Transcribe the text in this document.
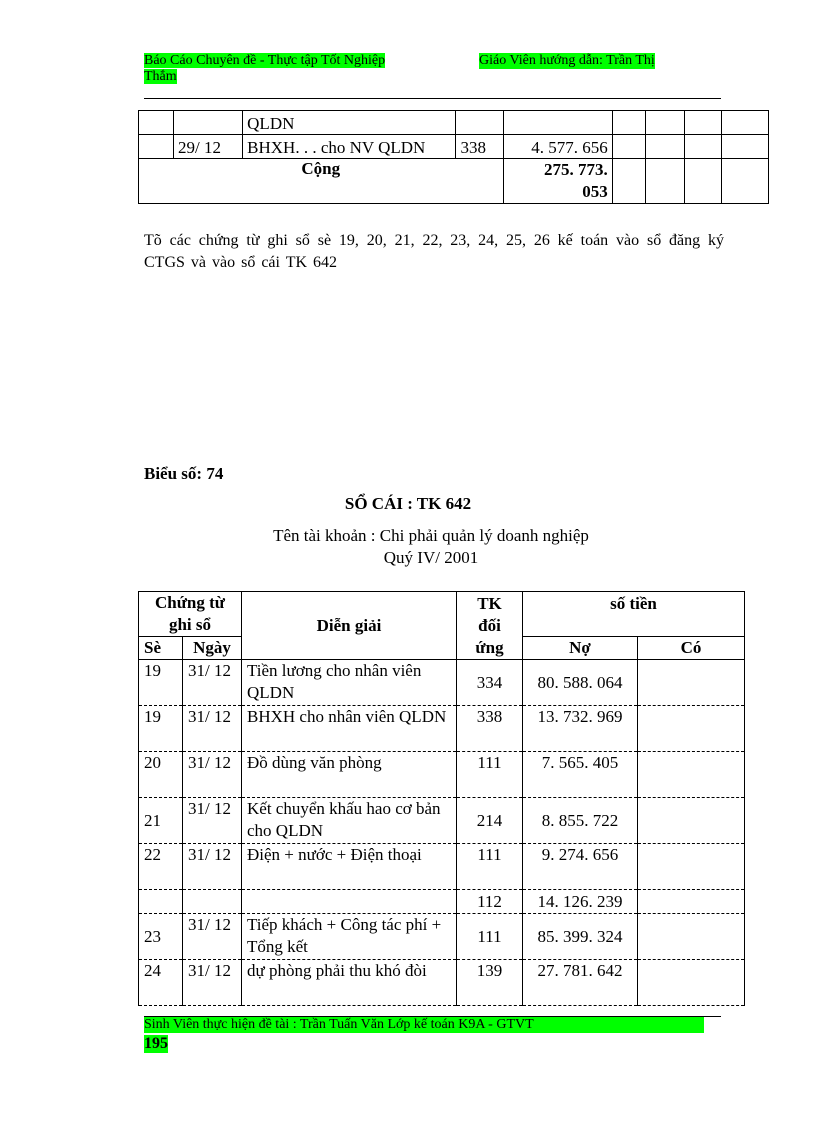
Báo Cáo Chuyên đề - Thực tập Tốt Nghiệp	Giáo Viên hướng dẫn: Trần Thị

Thắm
		QLDN						
	29/ 12	BHXH. . . cho NV QLDN	338	4. 577. 656				
Cộng				275. 773.
053				
Tõ các chứng từ ghi sổ sè 19, 20, 21, 22, 23, 24, 25, 26 kế toán vào sổ đăng ký CTGS và vào sổ cái TK 642
Biểu số: 74
SỔ CÁI : TK 642
Tên tài khoản : Chi phải quản lý doanh nghiệp
Quý IV/ 2001
Chứng từ
ghi sổ		Diễn giải	TK
đối
ứng	số tiền	
Sè	Ngày			Nợ	Có
19	31/ 12	Tiền lương cho nhân viên QLDN	334	80. 588. 064	
19	31/ 12	BHXH cho nhân viên QLDN	338	13. 732. 969	
20	31/ 12	Đồ dùng văn phòng	111	7. 565. 405	
21	31/ 12	Kết chuyển khấu hao cơ bản cho QLDN	214	8. 855. 722	
22	31/ 12	Điện + nước + Điện thoại	111	9. 274. 656	
			112	14. 126. 239	
23	31/ 12	Tiếp khách + Công tác phí + Tổng kết	111	85. 399. 324	
24	31/ 12	dự phòng phải thu khó đòi	139	27. 781. 642	
Sinh Viên thực hiện đề tài : Trần Tuấn Văn Lớp kế toán K9A - GTVT
195
